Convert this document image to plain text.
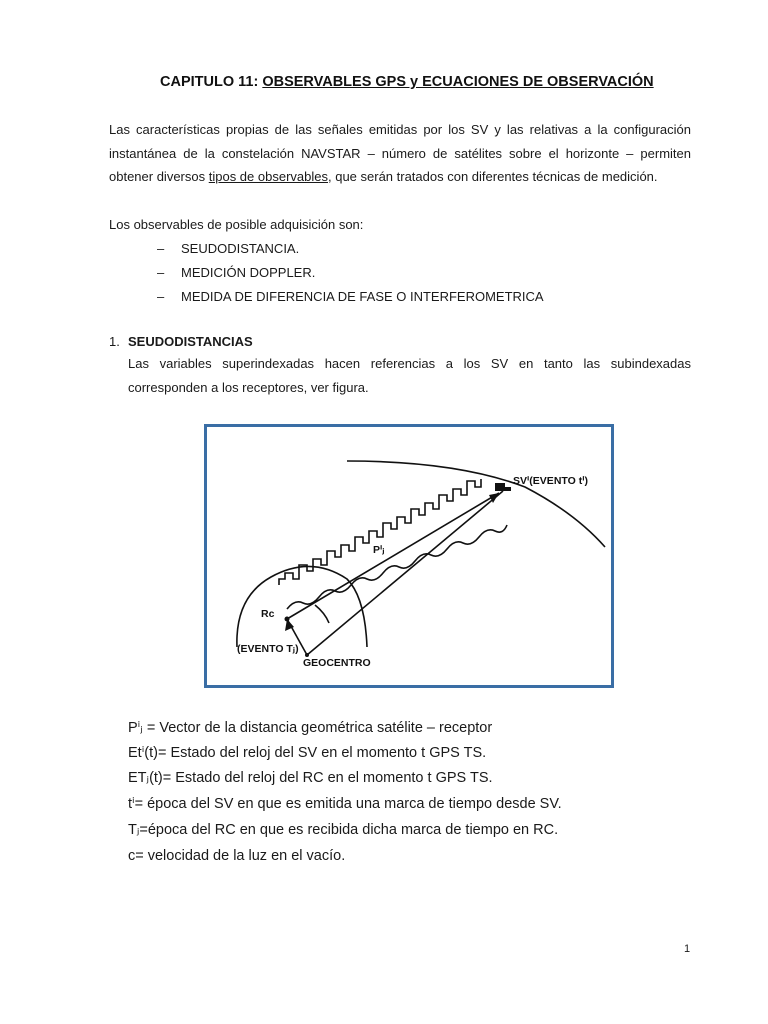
CAPITULO 11: OBSERVABLES GPS y ECUACIONES DE OBSERVACIÓN
Las características propias de las señales emitidas por los SV y las relativas a la configuración instantánea de la constelación NAVSTAR – número de satélites sobre el horizonte – permiten obtener diversos tipos de observables, que serán tratados con diferentes técnicas de medición.
Los observables de posible adquisición son:
– SEUDODISTANCIA.
– MEDICIÓN DOPPLER.
– MEDIDA DE DIFERENCIA DE FASE O INTERFEROMETRICA
1. SEUDODISTANCIAS
Las variables superindexadas hacen referencias a los SV en tanto las subindexadas corresponden a los receptores, ver figura.
SVⁱ(EVENTO tⁱ)
Pⁱⱼ
Rᴄ
(EVENTO Tⱼ)
GEOCENTRO
Pⁱⱼ = Vector de la distancia geométrica satélite – receptor
Etⁱ(t)= Estado del reloj del SV en el momento t GPS TS.
ETⱼ(t)= Estado del reloj del RC en el momento t GPS TS.
tⁱ= época del SV en que es emitida una marca de tiempo desde SV.
Tⱼ=época del RC en que es recibida dicha marca de tiempo en RC.
c= velocidad de la luz en el vacío.
1
